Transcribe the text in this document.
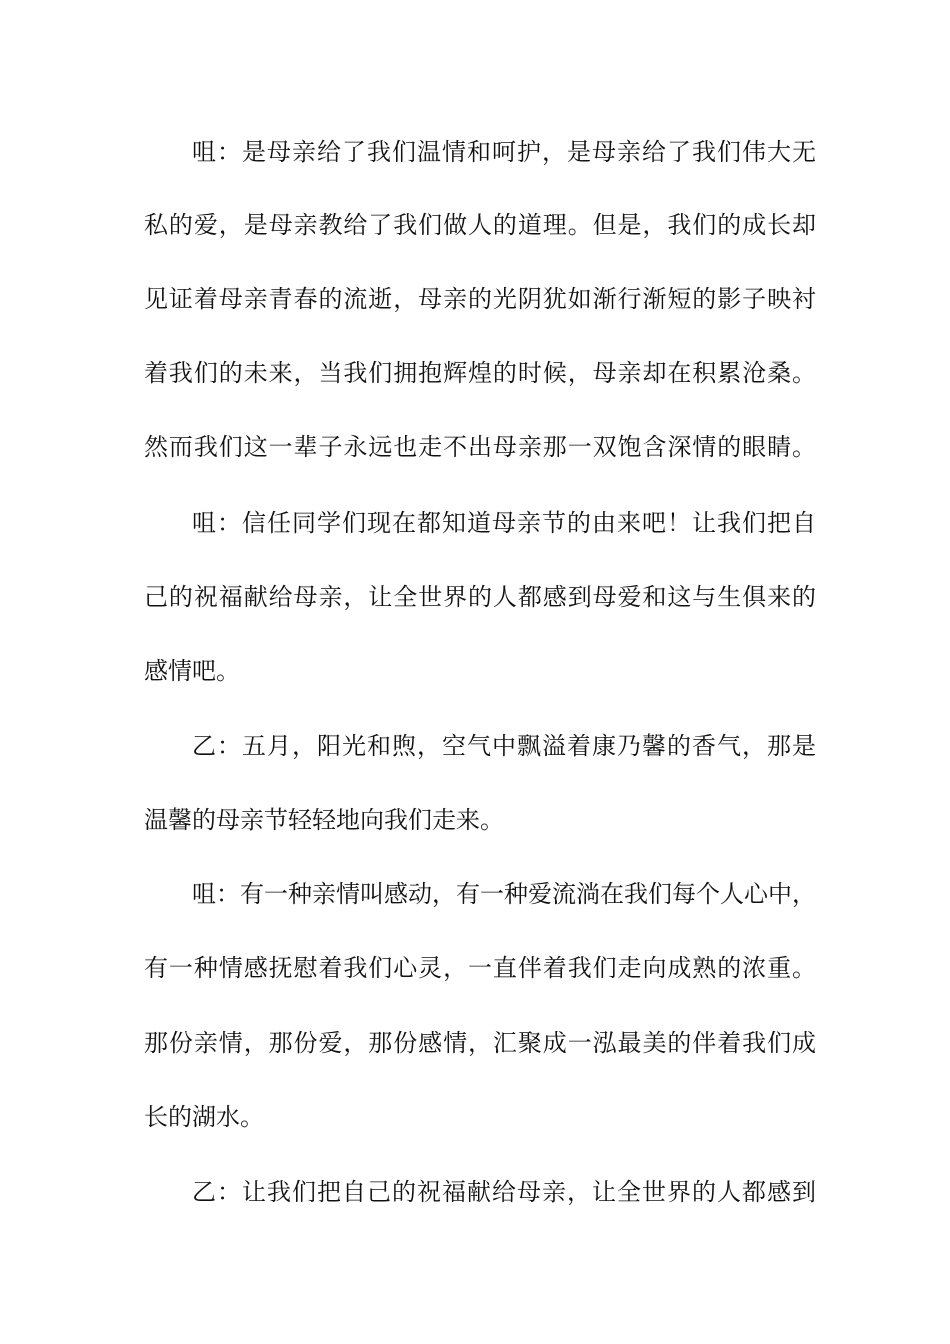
咀：是母亲给了我们温情和呵护，是母亲给了我们伟大无
私的爱，是母亲教给了我们做人的道理。但是，我们的成长却
见证着母亲青春的流逝，母亲的光阴犹如渐行渐短的影子映衬
着我们的未来，当我们拥抱辉煌的时候，母亲却在积累沧桑。
然而我们这一辈子永远也走不出母亲那一双饱含深情的眼睛。
咀：信任同学们现在都知道母亲节的由来吧！让我们把自
己的祝福献给母亲，让全世界的人都感到母爱和这与生俱来的
感情吧。
乙：五月，阳光和煦，空气中飘溢着康乃馨的香气，那是
温馨的母亲节轻轻地向我们走来。
咀：有一种亲情叫感动，有一种爱流淌在我们每个人心中，
有一种情感抚慰着我们心灵，一直伴着我们走向成熟的浓重。
那份亲情，那份爱，那份感情，汇聚成一泓最美的伴着我们成
长的湖水。
乙：让我们把自己的祝福献给母亲，让全世界的人都感到
